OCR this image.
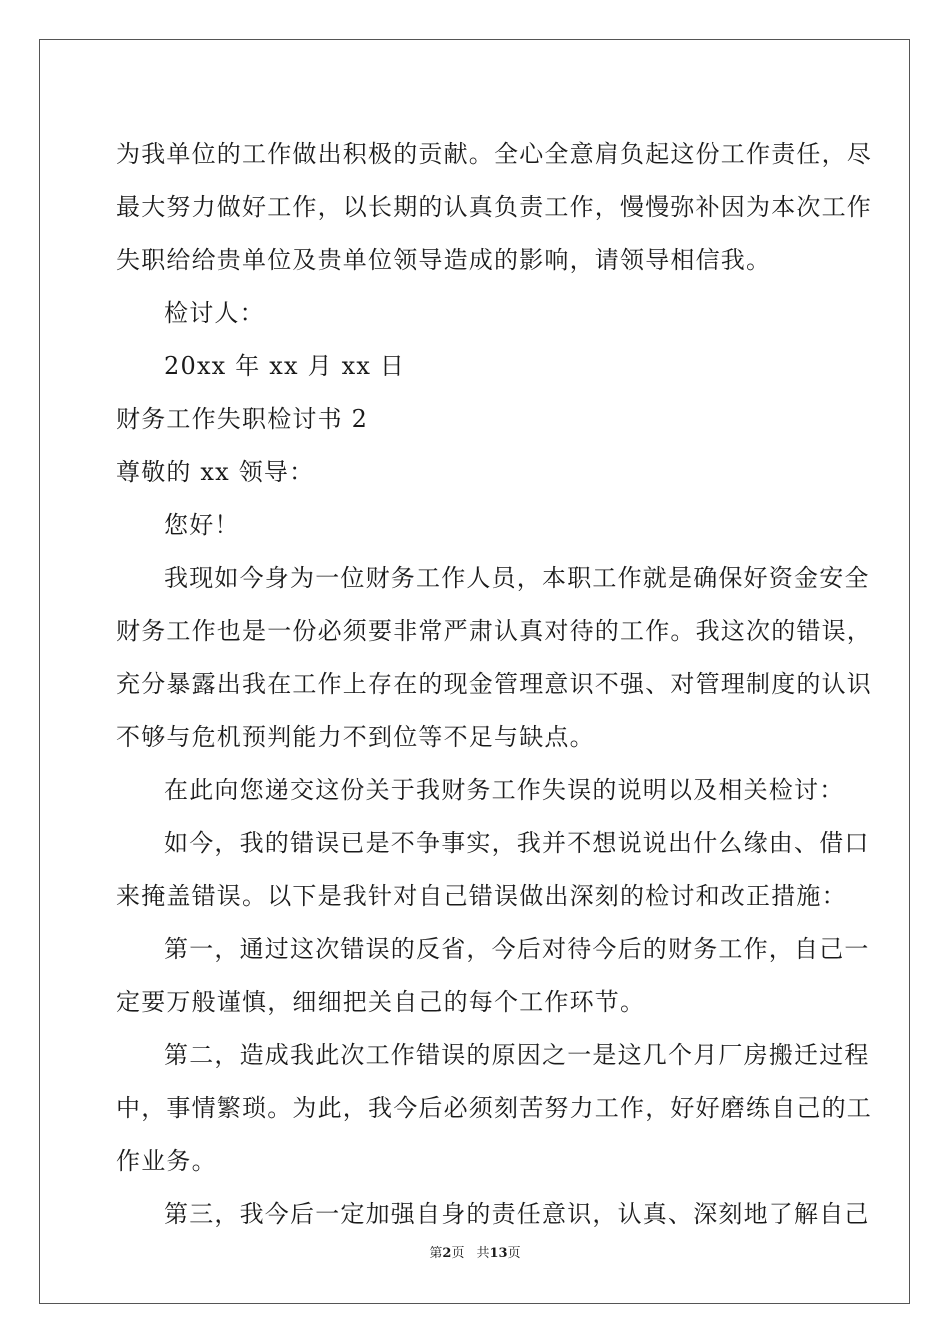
为我单位的工作做出积极的贡献。全心全意肩负起这份工作责任，尽
最大努力做好工作，以长期的认真负责工作，慢慢弥补因为本次工作
失职给给贵单位及贵单位领导造成的影响，请领导相信我。
检讨人：
20xx 年 xx 月 xx 日
财务工作失职检讨书 2
尊敬的 xx 领导：
您好！
我现如今身为一位财务工作人员，本职工作就是确保好资金安全
财务工作也是一份必须要非常严肃认真对待的工作。我这次的错误，
充分暴露出我在工作上存在的现金管理意识不强、对管理制度的认识
不够与危机预判能力不到位等不足与缺点。
在此向您递交这份关于我财务工作失误的说明以及相关检讨：
如今，我的错误已是不争事实，我并不想说说出什么缘由、借口
来掩盖错误。以下是我针对自己错误做出深刻的检讨和改正措施：
第一，通过这次错误的反省，今后对待今后的财务工作，自己一
定要万般谨慎，细细把关自己的每个工作环节。
第二，造成我此次工作错误的原因之一是这几个月厂房搬迁过程
中，事情繁琐。为此，我今后必须刻苦努力工作，好好磨练自己的工
作业务。
第三，我今后一定加强自身的责任意识，认真、深刻地了解自己
第2页 共13页
